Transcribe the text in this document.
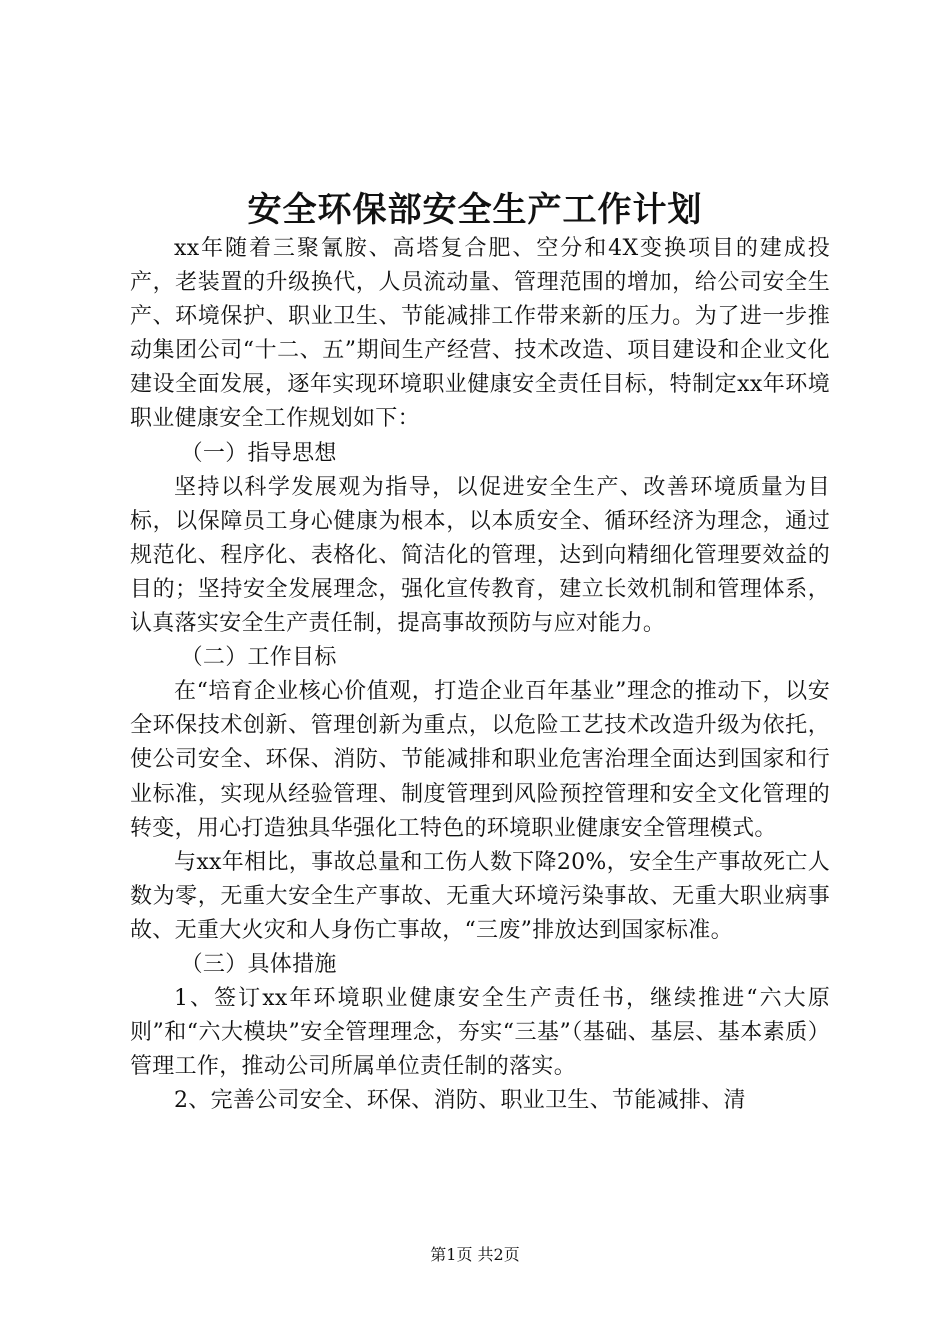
安全环保部安全生产工作计划

xx年随着三聚氰胺、高塔复合肥、空分和4X变换项目的建成投产，老装置的升级换代，人员流动量、管理范围的增加，给公司安全生产、环境保护、职业卫生、节能减排工作带来新的压力。为了进一步推动集团公司“十二、五”期间生产经营、技术改造、项目建设和企业文化建设全面发展，逐年实现环境职业健康安全责任目标，特制定xx年环境职业健康安全工作规划如下：

（一）指导思想

坚持以科学发展观为指导，以促进安全生产、改善环境质量为目标，以保障员工身心健康为根本，以本质安全、循环经济为理念，通过规范化、程序化、表格化、简洁化的管理，达到向精细化管理要效益的目的；坚持安全发展理念，强化宣传教育，建立长效机制和管理体系，认真落实安全生产责任制，提高事故预防与应对能力。

（二）工作目标

在“培育企业核心价值观，打造企业百年基业”理念的推动下，以安全环保技术创新、管理创新为重点，以危险工艺技术改造升级为依托，使公司安全、环保、消防、节能减排和职业危害治理全面达到国家和行业标准，实现从经验管理、制度管理到风险预控管理和安全文化管理的转变，用心打造独具华强化工特色的环境职业健康安全管理模式。

与xx年相比，事故总量和工伤人数下降20%，安全生产事故死亡人数为零，无重大安全生产事故、无重大环境污染事故、无重大职业病事故、无重大火灾和人身伤亡事故，“三废”排放达到国家标准。

（三）具体措施

1、签订xx年环境职业健康安全生产责任书，继续推进“六大原则”和“六大模块”安全管理理念，夯实“三基”（基础、基层、基本素质）管理工作，推动公司所属单位责任制的落实。

2、完善公司安全、环保、消防、职业卫生、节能减排、清

第1页 共2页
